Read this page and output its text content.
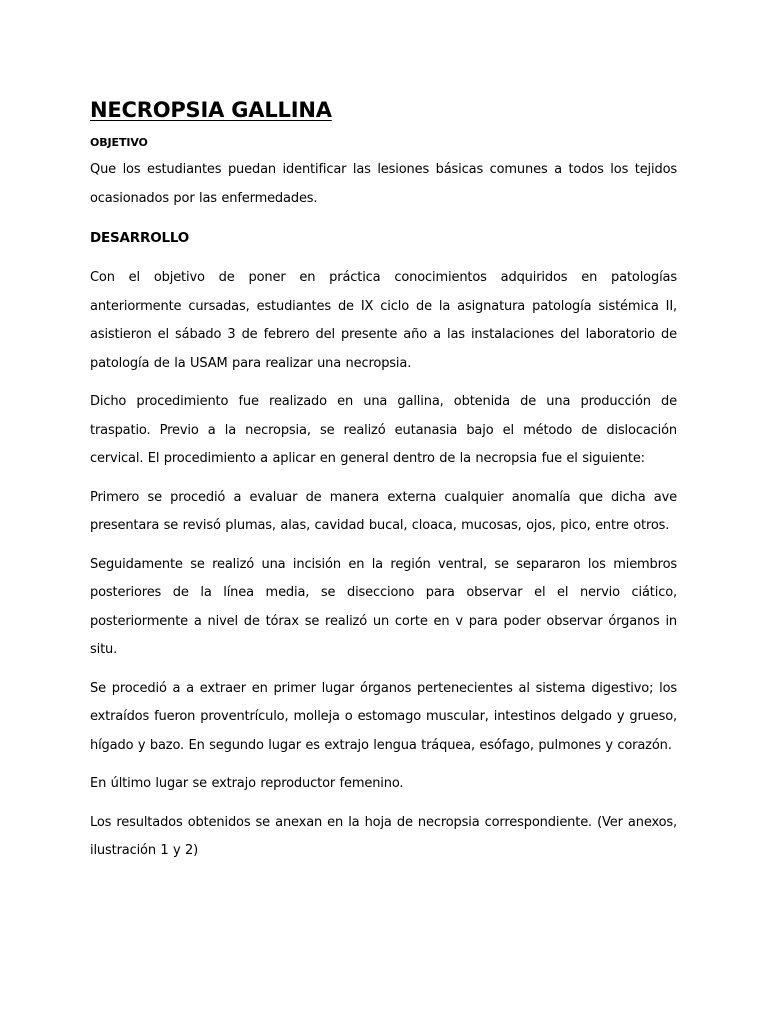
NECROPSIA GALLINA
OBJETIVO

Que los estudiantes puedan identificar las lesiones básicas comunes a todos los tejidos ocasionados por las enfermedades.

DESARROLLO

Con el objetivo de poner en práctica conocimientos adquiridos en patologías anteriormente cursadas, estudiantes de IX ciclo de la asignatura patología sistémica II, asistieron el sábado 3 de febrero del presente año a las instalaciones del laboratorio de patología de la USAM para realizar una necropsia.

Dicho procedimiento fue realizado en una gallina, obtenida de una producción de traspatio. Previo a la necropsia, se realizó eutanasia bajo el método de dislocación cervical. El procedimiento a aplicar en general dentro de la necropsia fue el siguiente:

Primero se procedió a evaluar de manera externa cualquier anomalía que dicha ave presentara se revisó plumas, alas, cavidad bucal, cloaca, mucosas, ojos, pico, entre otros.

Seguidamente se realizó una incisión en la región ventral, se separaron los miembros posteriores de la línea media, se disecciono para observar el el nervio ciático, posteriormente a nivel de tórax se realizó un corte en v para poder observar órganos in situ.

Se procedió a a extraer en primer lugar órganos pertenecientes al sistema digestivo; los extraídos fueron proventrículo, molleja o estomago muscular, intestinos delgado y grueso, hígado y bazo. En segundo lugar es extrajo lengua tráquea, esófago, pulmones y corazón.

En último lugar se extrajo reproductor femenino.

Los resultados obtenidos se anexan en la hoja de necropsia correspondiente. (Ver anexos, ilustración 1 y 2)
